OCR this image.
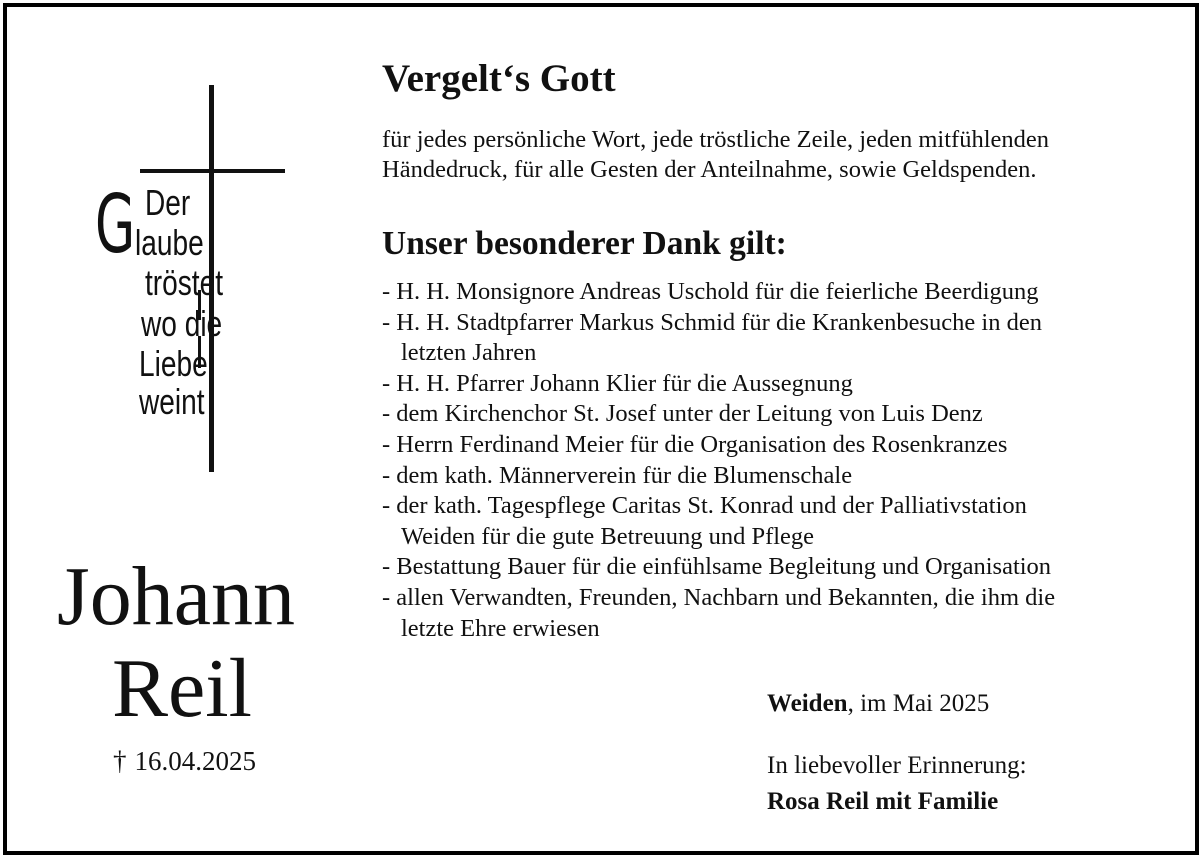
G Der
laube
tröstet
wo die
Liebe
weint
Johann
Reil
† 16.04.2025
Vergelt‘s Gott
für jedes persönliche Wort, jede tröstliche Zeile, jeden mitfühlenden
Händedruck, für alle Gesten der Anteilnahme, sowie Geldspenden.
Unser besonderer Dank gilt:
- H. H. Monsignore Andreas Uschold für die feierliche Beerdigung
- H. H. Stadtpfarrer Markus Schmid für die Krankenbesuche in den
letzten Jahren
- H. H. Pfarrer Johann Klier für die Aussegnung
- dem Kirchenchor St. Josef unter der Leitung von Luis Denz
- Herrn Ferdinand Meier für die Organisation des Rosenkranzes
- dem kath. Männerverein für die Blumenschale
- der kath. Tagespflege Caritas St. Konrad und der Palliativstation
Weiden für die gute Betreuung und Pflege
- Bestattung Bauer für die einfühlsame Begleitung und Organisation
- allen Verwandten, Freunden, Nachbarn und Bekannten, die ihm die
letzte Ehre erwiesen
Weiden, im Mai 2025
In liebevoller Erinnerung:
Rosa Reil mit Familie
